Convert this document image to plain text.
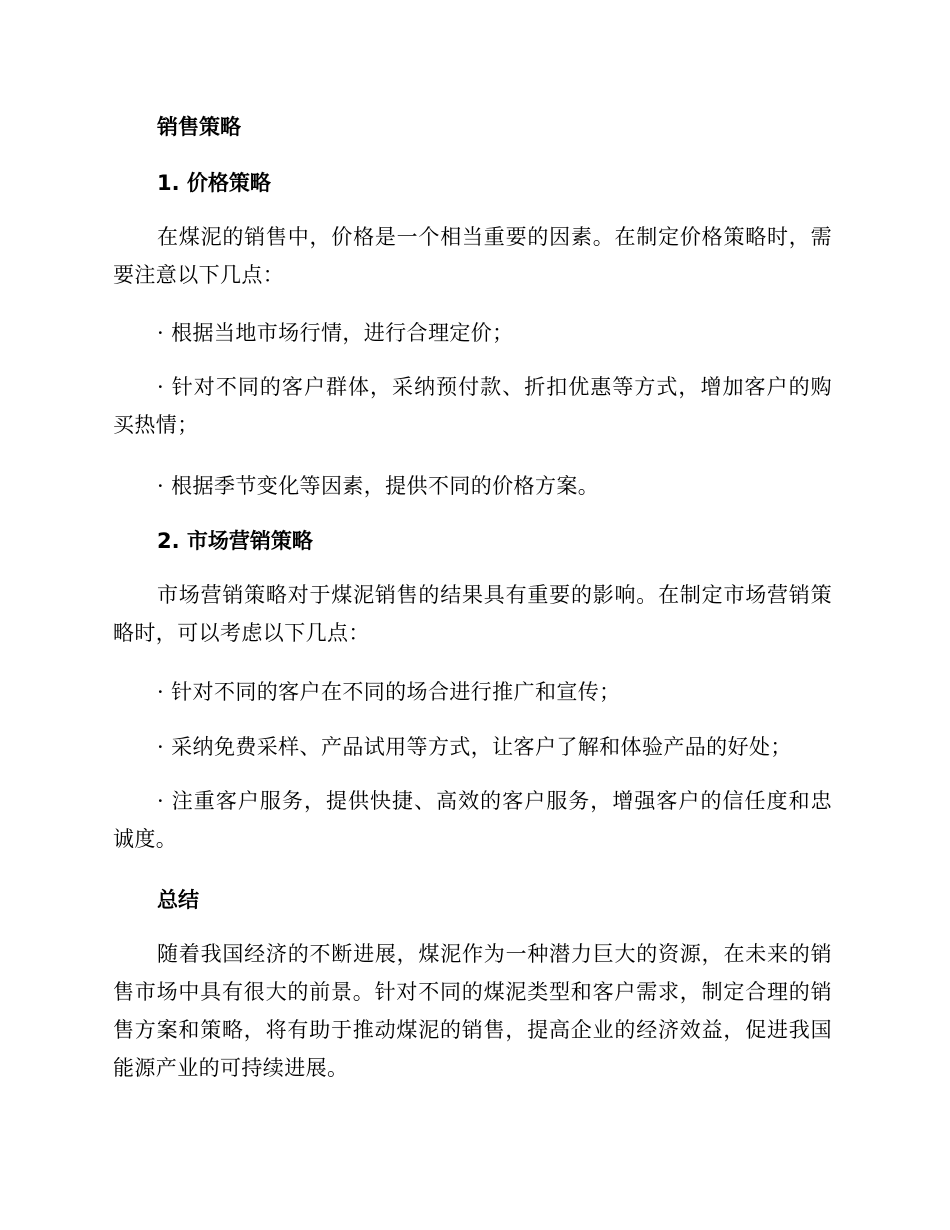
销售策略
1. 价格策略
在煤泥的销售中，价格是一个相当重要的因素。在制定价格策略时，需要注意以下几点：
· 根据当地市场行情，进行合理定价；
· 针对不同的客户群体，采纳预付款、折扣优惠等方式，增加客户的购买热情；
· 根据季节变化等因素，提供不同的价格方案。
2. 市场营销策略
市场营销策略对于煤泥销售的结果具有重要的影响。在制定市场营销策略时，可以考虑以下几点：
· 针对不同的客户在不同的场合进行推广和宣传；
· 采纳免费采样、产品试用等方式，让客户了解和体验产品的好处；
· 注重客户服务，提供快捷、高效的客户服务，增强客户的信任度和忠诚度。
总结
随着我国经济的不断进展，煤泥作为一种潜力巨大的资源，在未来的销售市场中具有很大的前景。针对不同的煤泥类型和客户需求，制定合理的销售方案和策略，将有助于推动煤泥的销售，提高企业的经济效益，促进我国能源产业的可持续进展。
